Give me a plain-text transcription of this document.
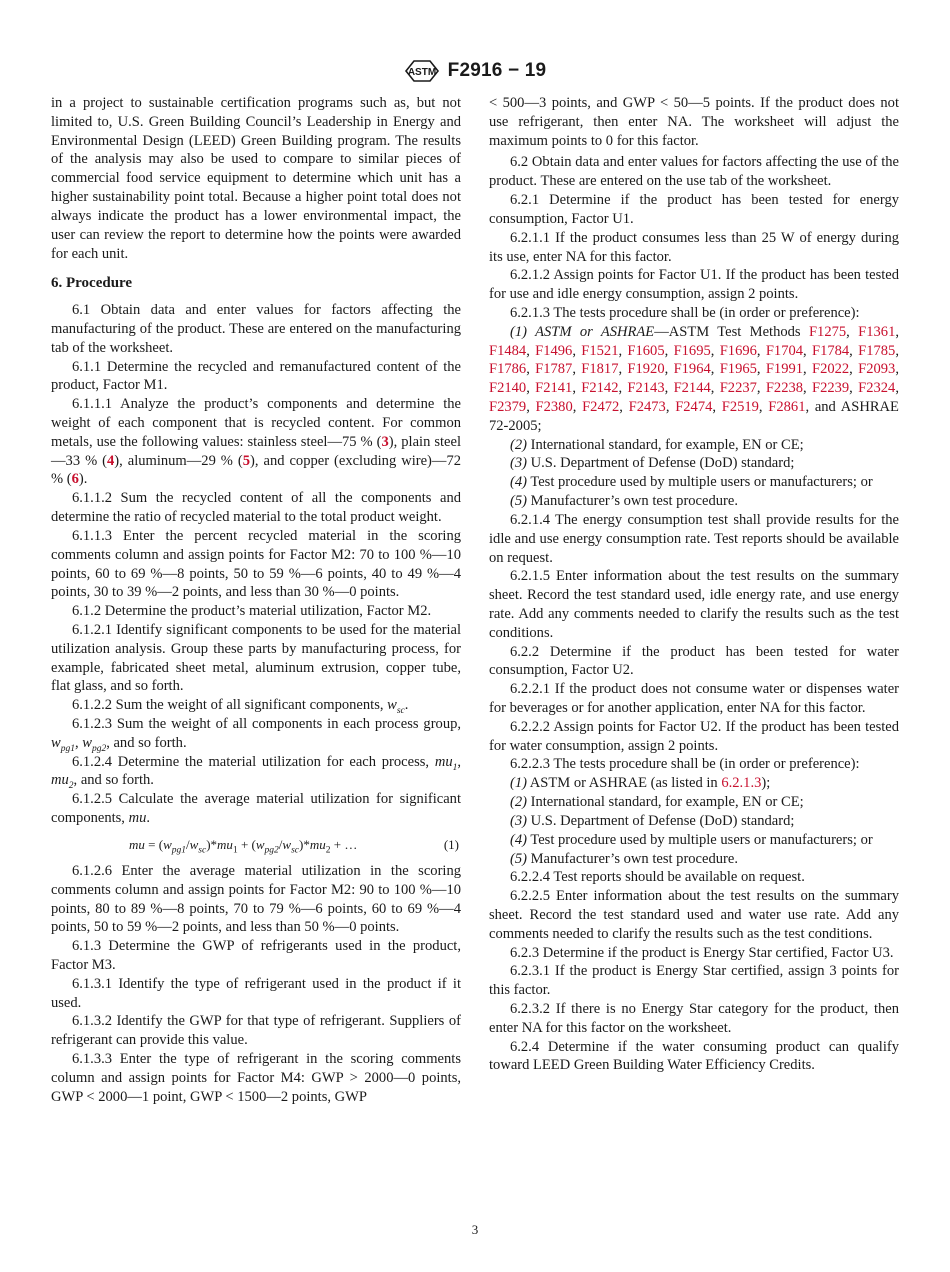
ASTM F2916 − 19

in a project to sustainable certification programs such as, but not limited to, U.S. Green Building Council’s Leadership in Energy and Environmental Design (LEED) Green Building program. The results of the analysis may also be used to compare to similar pieces of commercial food service equipment to determine which unit has a higher sustainability point total. Because a higher point total does not always indicate the product has a lower environmental impact, the user can review the report to determine how the points were awarded for each unit.

6. Procedure

6.1 Obtain data and enter values for factors affecting the manufacturing of the product. These are entered on the manufacturing tab of the worksheet.

6.1.1 Determine the recycled and remanufactured content of the product, Factor M1.

6.1.1.1 Analyze the product’s components and determine the weight of each component that is recycled content. For common metals, use the following values: stainless steel—75 % (3), plain steel—33 % (4), aluminum—29 % (5), and copper (excluding wire)—72 % (6).

6.1.1.2 Sum the recycled content of all the components and determine the ratio of recycled material to the total product weight.

6.1.1.3 Enter the percent recycled material in the scoring comments column and assign points for Factor M2: 70 to 100 %—10 points, 60 to 69 %—8 points, 50 to 59 %—6 points, 40 to 49 %—4 points, 30 to 39 %—2 points, and less than 30 %—0 points.

6.1.2 Determine the product’s material utilization, Factor M2.

6.1.2.1 Identify significant components to be used for the material utilization analysis. Group these parts by manufacturing process, for example, fabricated sheet metal, aluminum extrusion, copper tube, flat glass, and so forth.

6.1.2.2 Sum the weight of all significant components, $w_{sc}$.

6.1.2.3 Sum the weight of all components in each process group, $w_{pg1}$, $w_{pg2}$, and so forth.

6.1.2.4 Determine the material utilization for each process, $mu_1$, $mu_2$, and so forth.

6.1.2.5 Calculate the average material utilization for significant components, mu.

mu = $(w_{pg1}/w_{sc})*mu_1 + (w_{pg2}/w_{sc})*mu_2$ + …	(1)

6.1.2.6 Enter the average material utilization in the scoring comments column and assign points for Factor M2: 90 to 100 %—10 points, 80 to 89 %—8 points, 70 to 79 %—6 points, 60 to 69 %—4 points, 50 to 59 %—2 points, and less than 50 %—0 points.

6.1.3 Determine the GWP of refrigerants used in the product, Factor M3.

6.1.3.1 Identify the type of refrigerant used in the product if it used.

6.1.3.2 Identify the GWP for that type of refrigerant. Suppliers of refrigerant can provide this value.

6.1.3.3 Enter the type of refrigerant in the scoring comments column and assign points for Factor M4: GWP > 2000—0 points, GWP < 2000—1 point, GWP < 1500—2 points, GWP

< 500—3 points, and GWP < 50—5 points. If the product does not use refrigerant, then enter NA. The worksheet will adjust the maximum points to 0 for this factor.

6.2 Obtain data and enter values for factors affecting the use of the product. These are entered on the use tab of the worksheet.

6.2.1 Determine if the product has been tested for energy consumption, Factor U1.

6.2.1.1 If the product consumes less than 25 W of energy during its use, enter NA for this factor.

6.2.1.2 Assign points for Factor U1. If the product has been tested for use and idle energy consumption, assign 2 points.

6.2.1.3 The tests procedure shall be (in order or preference):

(1) ASTM or ASHRAE—ASTM Test Methods F1275, F1361, F1484, F1496, F1521, F1605, F1695, F1696, F1704, F1784, F1785, F1786, F1787, F1817, F1920, F1964, F1965, F1991, F2022, F2093, F2140, F2141, F2142, F2143, F2144, F2237, F2238, F2239, F2324, F2379, F2380, F2472, F2473, F2474, F2519, F2861, and ASHRAE 72-2005;

(2) International standard, for example, EN or CE;

(3) U.S. Department of Defense (DoD) standard;

(4) Test procedure used by multiple users or manufacturers; or

(5) Manufacturer’s own test procedure.

6.2.1.4 The energy consumption test shall provide results for the idle and use energy consumption rate. Test reports should be available on request.

6.2.1.5 Enter information about the test results on the summary sheet. Record the test standard used, idle energy rate, and use energy rate. Add any comments needed to clarify the results such as the test conditions.

6.2.2 Determine if the product has been tested for water consumption, Factor U2.

6.2.2.1 If the product does not consume water or dispenses water for beverages or for another application, enter NA for this factor.

6.2.2.2 Assign points for Factor U2. If the product has been tested for water consumption, assign 2 points.

6.2.2.3 The tests procedure shall be (in order or preference):

(1) ASTM or ASHRAE (as listed in 6.2.1.3);

(2) International standard, for example, EN or CE;

(3) U.S. Department of Defense (DoD) standard;

(4) Test procedure used by multiple users or manufacturers; or

(5) Manufacturer’s own test procedure.

6.2.2.4 Test reports should be available on request.

6.2.2.5 Enter information about the test results on the summary sheet. Record the test standard used and water use rate. Add any comments needed to clarify the results such as the test conditions.

6.2.3 Determine if the product is Energy Star certified, Factor U3.

6.2.3.1 If the product is Energy Star certified, assign 3 points for this factor.

6.2.3.2 If there is no Energy Star category for the product, then enter NA for this factor on the worksheet.

6.2.4 Determine if the water consuming product can qualify toward LEED Green Building Water Efficiency Credits.

3
